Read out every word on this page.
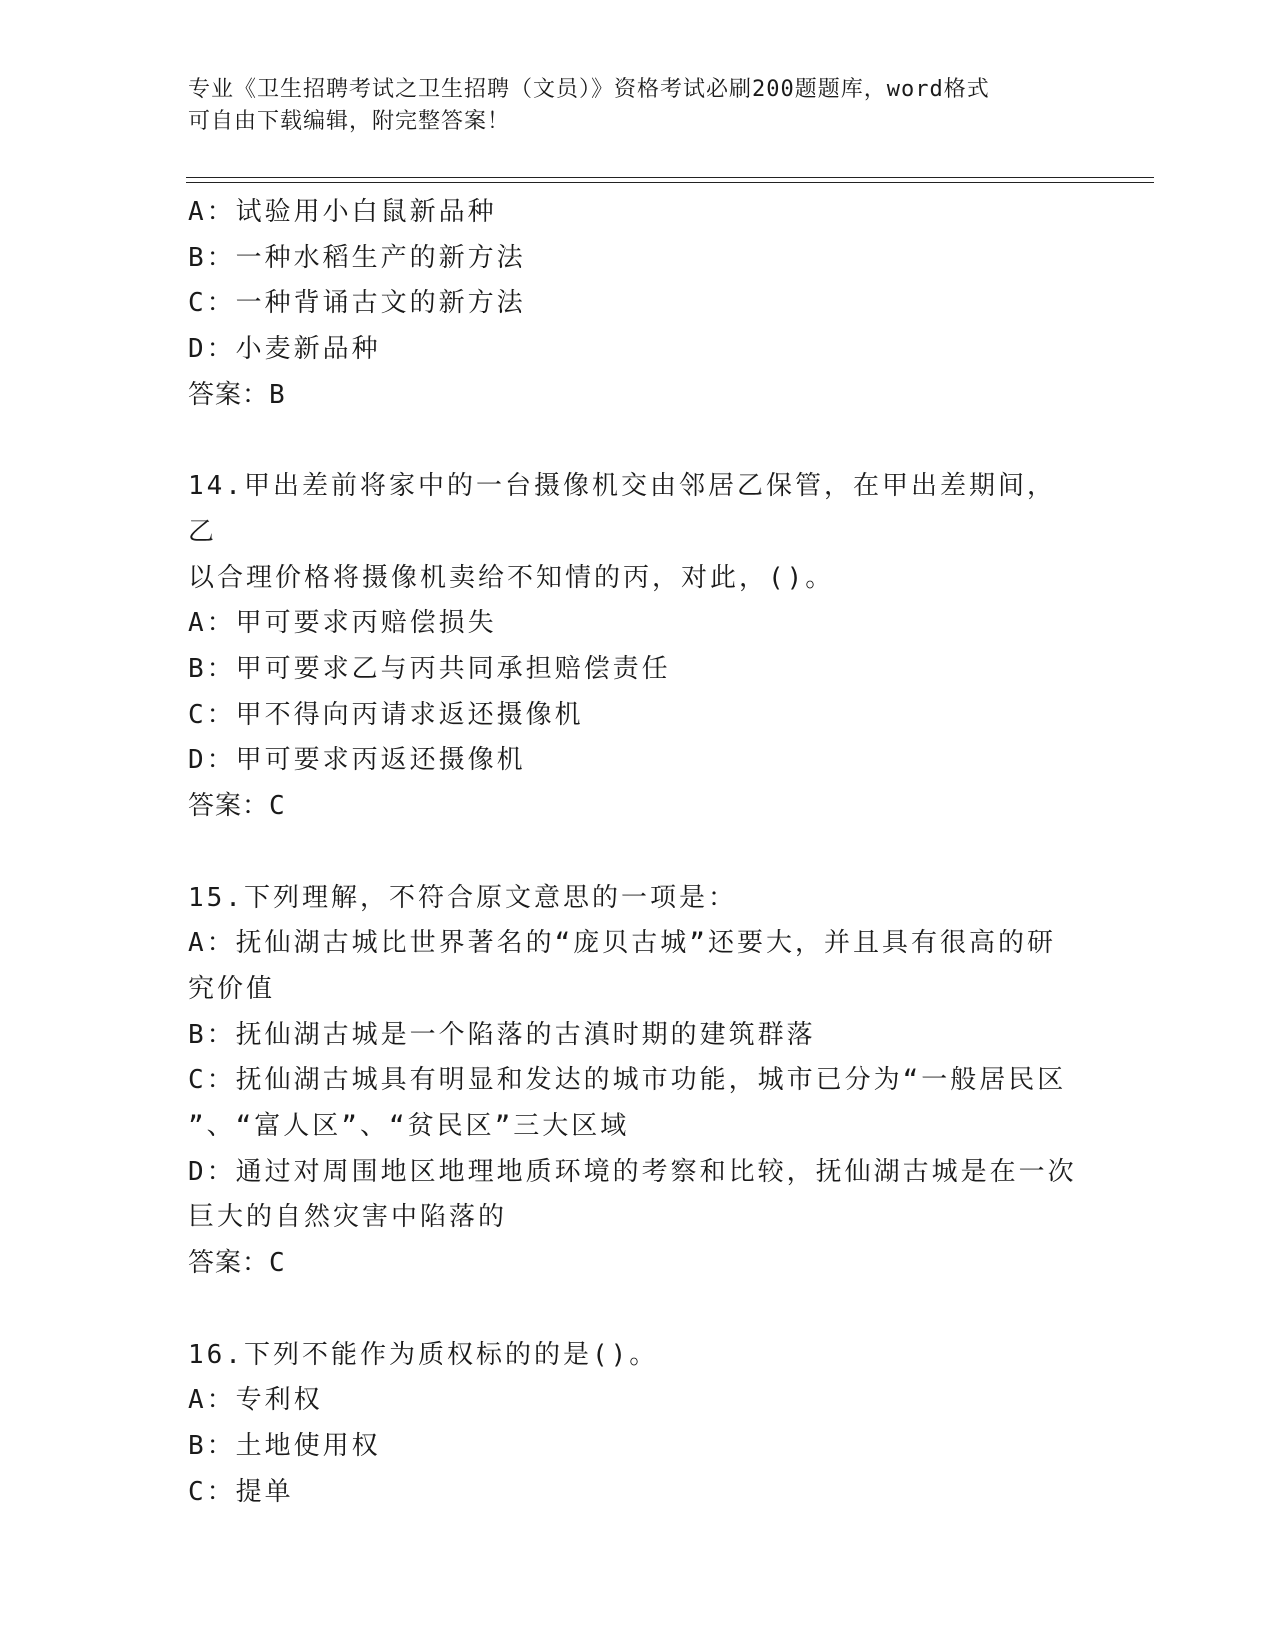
专业《卫生招聘考试之卫生招聘（文员）》资格考试必刷200题题库，word格式
可自由下载编辑，附完整答案！
A：试验用小白鼠新品种
B：一种水稻生产的新方法
C：一种背诵古文的新方法
D：小麦新品种
答案：B
14.甲出差前将家中的一台摄像机交由邻居乙保管，在甲出差期间，乙
以合理价格将摄像机卖给不知情的丙，对此，()。
A：甲可要求丙赔偿损失
B：甲可要求乙与丙共同承担赔偿责任
C：甲不得向丙请求返还摄像机
D：甲可要求丙返还摄像机
答案：C
15.下列理解，不符合原文意思的一项是：
A：抚仙湖古城比世界著名的“庞贝古城”还要大，并且具有很高的研
究价值
B：抚仙湖古城是一个陷落的古滇时期的建筑群落
C：抚仙湖古城具有明显和发达的城市功能，城市已分为“一般居民区
”、“富人区”、“贫民区”三大区域
D：通过对周围地区地理地质环境的考察和比较，抚仙湖古城是在一次
巨大的自然灾害中陷落的
答案：C
16.下列不能作为质权标的的是()。
A：专利权
B：土地使用权
C：提单
